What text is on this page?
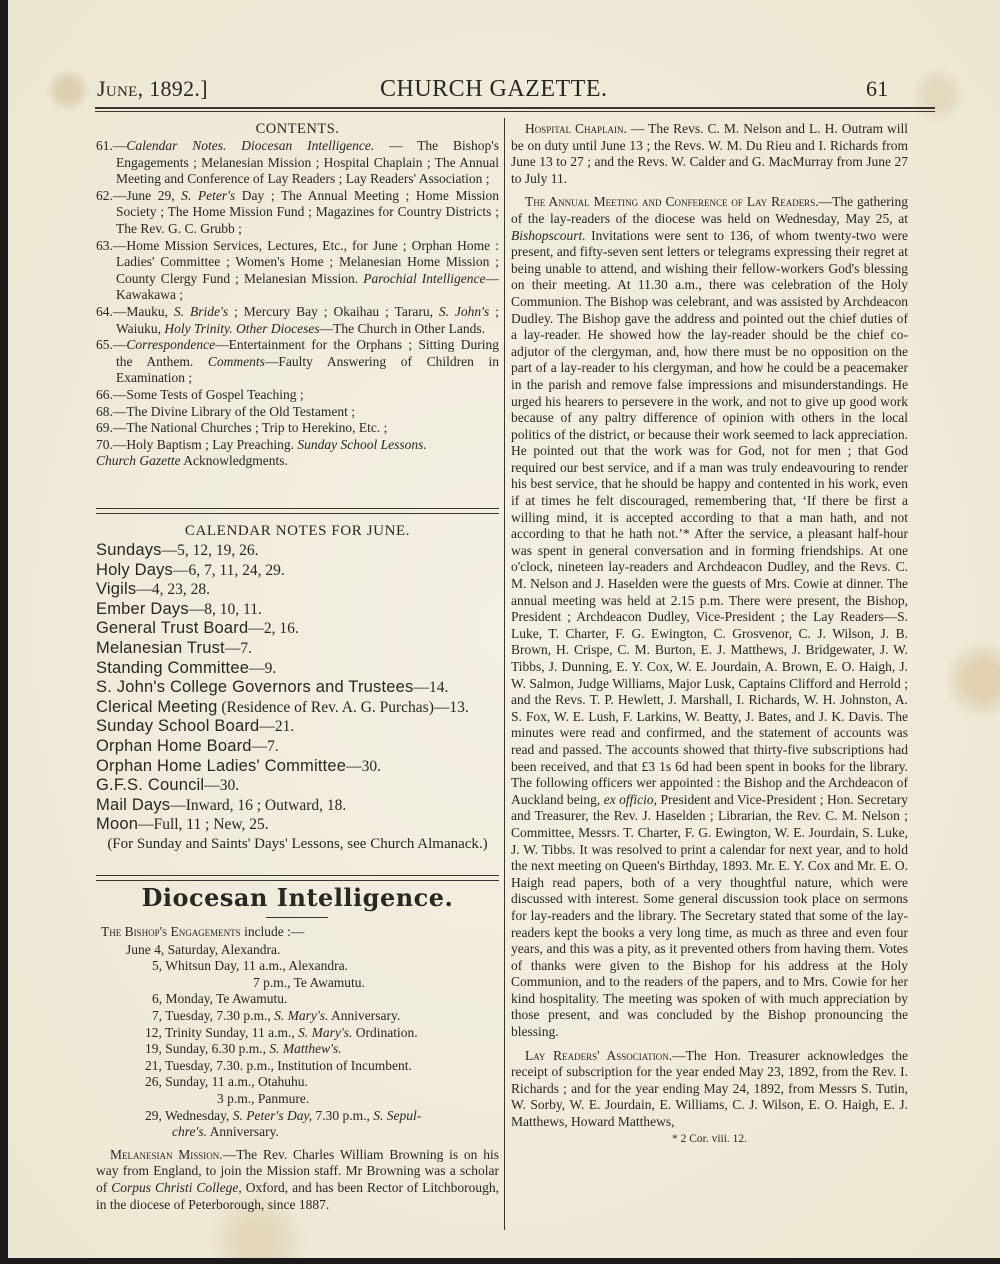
June, 1892.]	CHURCH GAZETTE.	61
CONTENTS.
61.—Calendar Notes. Diocesan Intelligence. — The Bishop's Engagements ; Melanesian Mission ; Hospital Chaplain ; The Annual Meeting and Conference of Lay Readers ; Lay Readers' Association ;
62.—June 29, S. Peter's Day ; The Annual Meeting ; Home Mission Society ; The Home Mission Fund ; Magazines for Country Districts ; The Rev. G. C. Grubb ;
63.—Home Mission Services, Lectures, Etc., for June ; Orphan Home : Ladies' Committee ; Women's Home ; Melanesian Home Mission ; County Clergy Fund ; Melanesian Mission. Parochial Intelligence—Kawakawa ;
64.—Mauku, S. Bride's ; Mercury Bay ; Okaihau ; Tararu, S. John's ; Waiuku, Holy Trinity. Other Dioceses—The Church in Other Lands.
65.—Correspondence—Entertainment for the Orphans ; Sitting During the Anthem. Comments—Faulty Answering of Children in Examination ;
66.—Some Tests of Gospel Teaching ;
68.—The Divine Library of the Old Testament ;
69.—The National Churches ; Trip to Herekino, Etc. ;
70.—Holy Baptism ; Lay Preaching. Sunday School Lessons.
Church Gazette Acknowledgments.
CALENDAR NOTES FOR JUNE.
Sundays—5, 12, 19, 26.
Holy Days—6, 7, 11, 24, 29.
Vigils—4, 23, 28.
Ember Days—8, 10, 11.
General Trust Board—2, 16.
Melanesian Trust—7.
Standing Committee—9.
S. John's College Governors and Trustees—14.
Clerical Meeting (Residence of Rev. A. G. Purchas)—13.
Sunday School Board—21.
Orphan Home Board—7.
Orphan Home Ladies' Committee—30.
G.F.S. Council—30.
Mail Days—Inward, 16 ; Outward, 18.
Moon—Full, 11 ; New, 25.
(For Sunday and Saints' Days' Lessons, see Church Almanack.)
Diocesan Intelligence.
The Bishop's Engagements include :—
June 4, Saturday, Alexandra.
5, Whitsun Day, 11 a.m., Alexandra.
7 p.m., Te Awamutu.
6, Monday, Te Awamutu.
7, Tuesday, 7.30 p.m., S. Mary's. Anniversary.
12, Trinity Sunday, 11 a.m., S. Mary's. Ordination.
19, Sunday, 6.30 p.m., S. Matthew's.
21, Tuesday, 7.30. p.m., Institution of Incumbent.
26, Sunday, 11 a.m., Otahuhu.
3 p.m., Panmure.
29, Wednesday, S. Peter's Day, 7.30 p.m., S. Sepul-
chre's. Anniversary.
Melanesian Mission.—The Rev. Charles William Browning is on his way from England, to join the Mission staff. Mr Browning was a scholar of Corpus Christi College, Oxford, and has been Rector of Litchborough, in the diocese of Peterborough, since 1887.
Hospital Chaplain. — The Revs. C. M. Nelson and L. H. Outram will be on duty until June 13 ; the Revs. W. M. Du Rieu and I. Richards from June 13 to 27 ; and the Revs. W. Calder and G. MacMurray from June 27 to July 11.
The Annual Meeting and Conference of Lay Readers.—The gathering of the lay-readers of the diocese was held on Wednesday, May 25, at Bishopscourt. Invitations were sent to 136, of whom twenty-two were present, and fifty-seven sent letters or telegrams expressing their regret at being unable to attend, and wishing their fellow-workers God's blessing on their meeting. At 11.30 a.m., there was celebration of the Holy Communion. The Bishop was celebrant, and was assisted by Archdeacon Dudley. The Bishop gave the address and pointed out the chief duties of a lay-reader. He showed how the lay-reader should be the chief co-adjutor of the clergyman, and, how there must be no opposition on the part of a lay-reader to his clergyman, and how he could be a peacemaker in the parish and remove false impressions and misunderstandings. He urged his hearers to persevere in the work, and not to give up good work because of any paltry difference of opinion with others in the local politics of the district, or because their work seemed to lack appreciation. He pointed out that the work was for God, not for men ; that God required our best service, and if a man was truly endeavouring to render his best service, that he should be happy and contented in his work, even if at times he felt discouraged, remembering that, ‘If there be first a willing mind, it is accepted according to that a man hath, and not according to that he hath not.’* After the service, a pleasant half-hour was spent in general conversation and in forming friendships. At one o'clock, nineteen lay-readers and Archdeacon Dudley, and the Revs. C. M. Nelson and J. Haselden were the guests of Mrs. Cowie at dinner. The annual meeting was held at 2.15 p.m. There were present, the Bishop, President ; Archdeacon Dudley, Vice-President ; the Lay Readers—S. Luke, T. Charter, F. G. Ewington, C. Grosvenor, C. J. Wilson, J. B. Brown, H. Crispe, C. M. Burton, E. J. Matthews, J. Bridgewater, J. W. Tibbs, J. Dunning, E. Y. Cox, W. E. Jourdain, A. Brown, E. O. Haigh, J. W. Salmon, Judge Williams, Major Lusk, Captains Clifford and Herrold ; and the Revs. T. P. Hewlett, J. Marshall, I. Richards, W. H. Johnston, A. S. Fox, W. E. Lush, F. Larkins, W. Beatty, J. Bates, and J. K. Davis. The minutes were read and confirmed, and the statement of accounts was read and passed. The accounts showed that thirty-five subscriptions had been received, and that £3 1s 6d had been spent in books for the library. The following officers wer appointed : the Bishop and the Archdeacon of Auckland being, ex officio, President and Vice-President ; Hon. Secretary and Treasurer, the Rev. J. Haselden ; Librarian, the Rev. C. M. Nelson ; Committee, Messrs. T. Charter, F. G. Ewington, W. E. Jourdain, S. Luke, J. W. Tibbs. It was resolved to print a calendar for next year, and to hold the next meeting on Queen's Birthday, 1893. Mr. E. Y. Cox and Mr. E. O. Haigh read papers, both of a very thoughtful nature, which were discussed with interest. Some general discussion took place on sermons for lay-readers and the library. The Secretary stated that some of the lay-readers kept the books a very long time, as much as three and even four years, and this was a pity, as it prevented others from having them. Votes of thanks were given to the Bishop for his address at the Holy Communion, and to the readers of the papers, and to Mrs. Cowie for her kind hospitality. The meeting was spoken of with much appreciation by those present, and was concluded by the Bishop pronouncing the blessing.
Lay Readers' Association.—The Hon. Treasurer acknowledges the receipt of subscription for the year ended May 23, 1892, from the Rev. I. Richards ; and for the year ending May 24, 1892, from Messrs S. Tutin, W. Sorby, W. E. Jourdain, E. Williams, C. J. Wilson, E. O. Haigh, E. J. Matthews, Howard Matthews,
* 2 Cor. viii. 12.
